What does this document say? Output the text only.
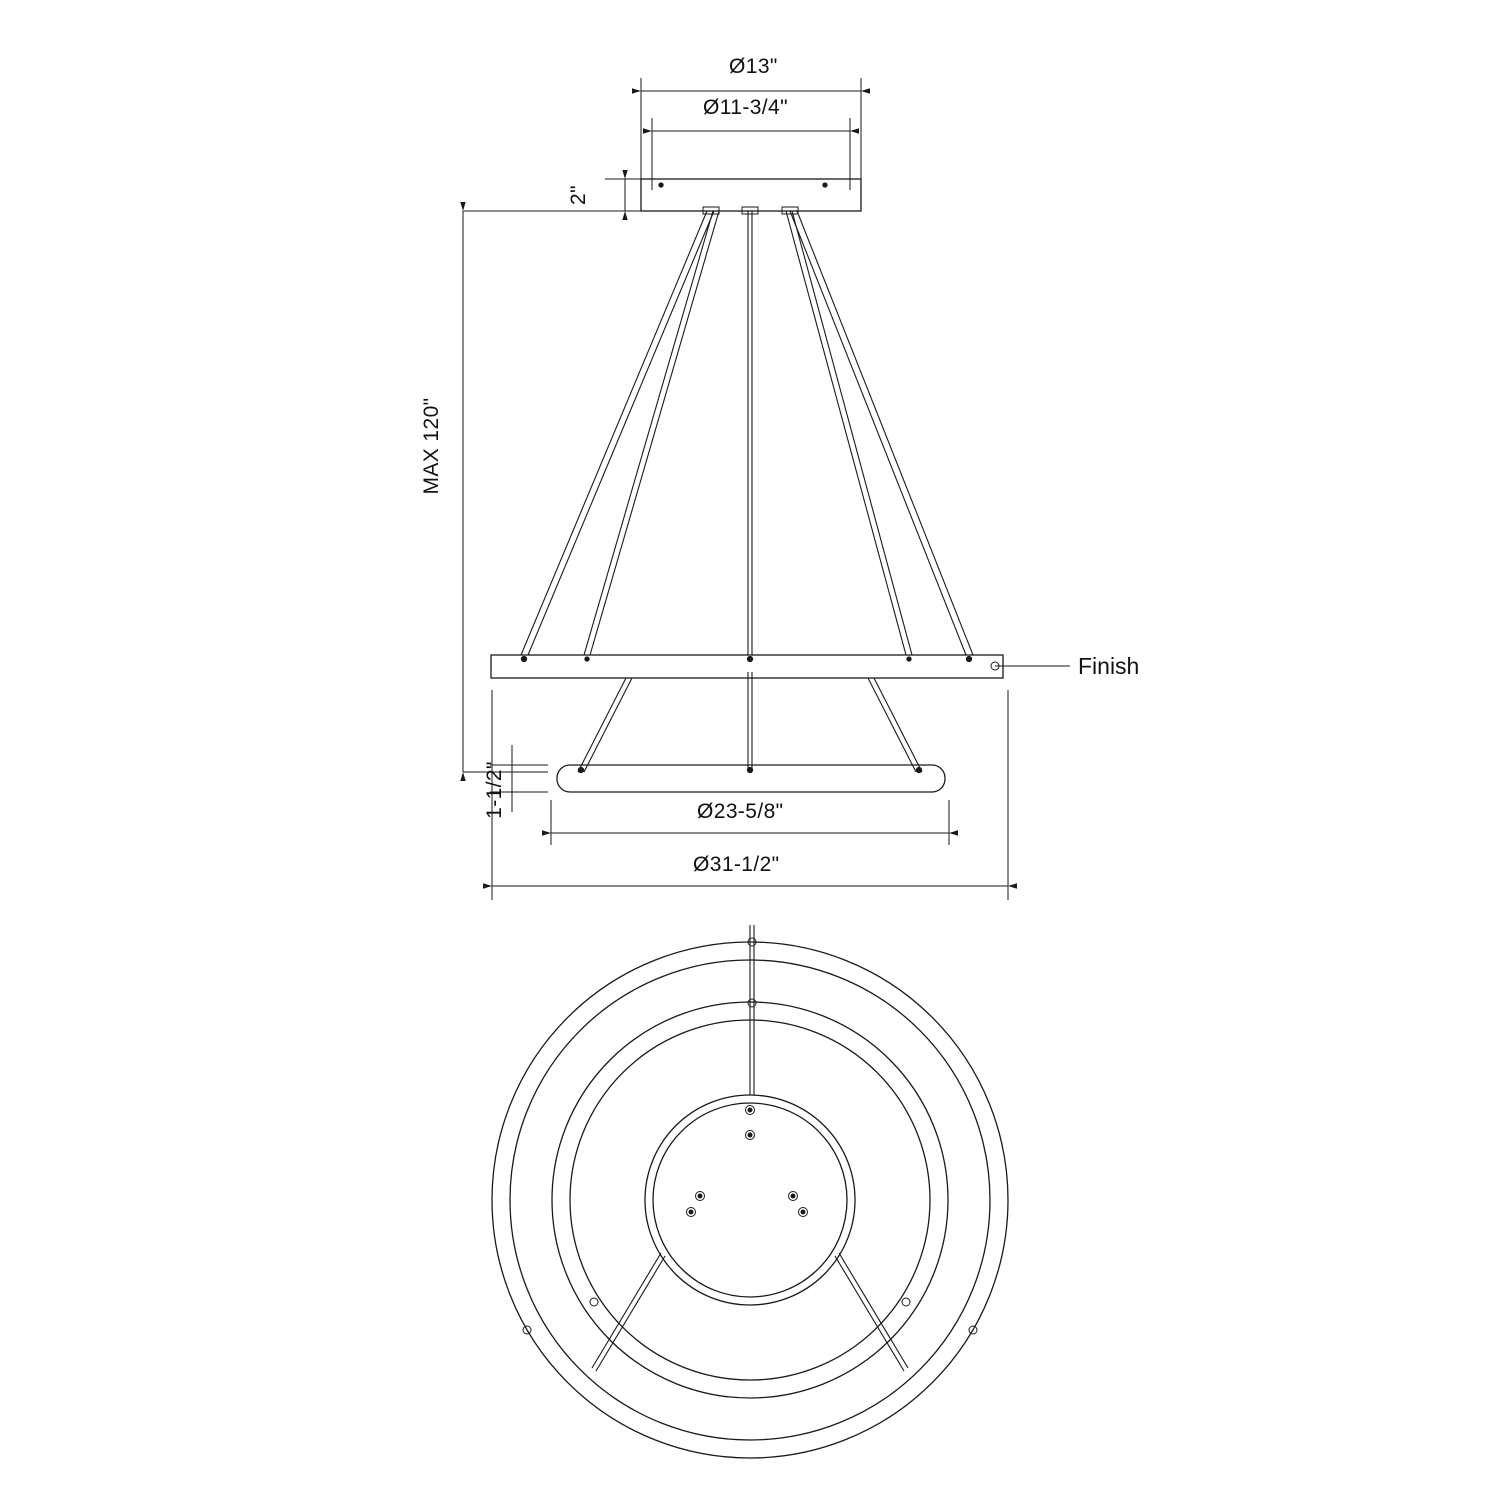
Ø13"
Ø11-3/4"
2"
MAX 120"
1-1/2"	Ø23-5/8"
Ø31-1/2"
Finish
